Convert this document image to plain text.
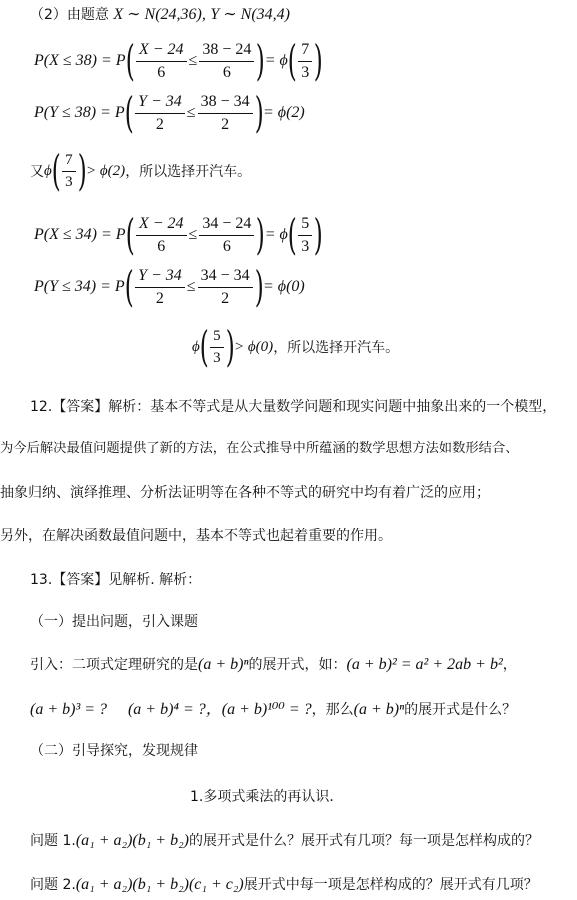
（2）由题意 X ∼ N(24,36), Y ∼ N(34,4)
P(X ≤ 38) = P ( $\frac{X - 24}{6} \le \frac{38 - 24}{6}$ ) = ϕ ( $\frac{7}{3}$ )
P(Y ≤ 38) = P ( $\frac{Y - 34}{2} \le \frac{38 - 34}{2}$ ) = ϕ(2)
又 ϕ ( $\frac{7}{3}$ ) > ϕ(2) ，所以选择开汽车。
P(X ≤ 34) = P ( $\frac{X - 24}{6} \le \frac{34 - 24}{6}$ ) = ϕ ( $\frac{5}{3}$ )
P(Y ≤ 34) = P ( $\frac{Y - 34}{2} \le \frac{34 - 34}{2}$ ) = ϕ(0)
ϕ ( $\frac{5}{3}$ ) > ϕ(0) ，所以选择开汽车。
12.【答案】解析：基本不等式是从大量数学问题和现实问题中抽象出来的一个模型，
为今后解决最值问题提供了新的方法，在公式推导中所蕴涵的数学思想方法如数形结合、
抽象归纳、演绎推理、分析法证明等在各种不等式的研究中均有着广泛的应用；
另外，在解决函数最值问题中，基本不等式也起着重要的作用。
13.【答案】见解析. 解析：
（一）提出问题，引入课题
引入：二项式定理研究的是(a + b)ⁿ的展开式，如：(a + b)² = a² + 2ab + b²，
(a + b)³ = ? (a + b)⁴ = ?，(a + b)¹⁰⁰ = ?，那么(a + b)ⁿ的展开式是什么？
（二）引导探究，发现规律
1.多项式乘法的再认识．
问题 1.(a₁ + a₂)(b₁ + b₂)的展开式是什么？展开式有几项？每一项是怎样构成的？
问题 2.(a₁ + a₂)(b₁ + b₂)(c₁ + c₂)展开式中每一项是怎样构成的？展开式有几项？
